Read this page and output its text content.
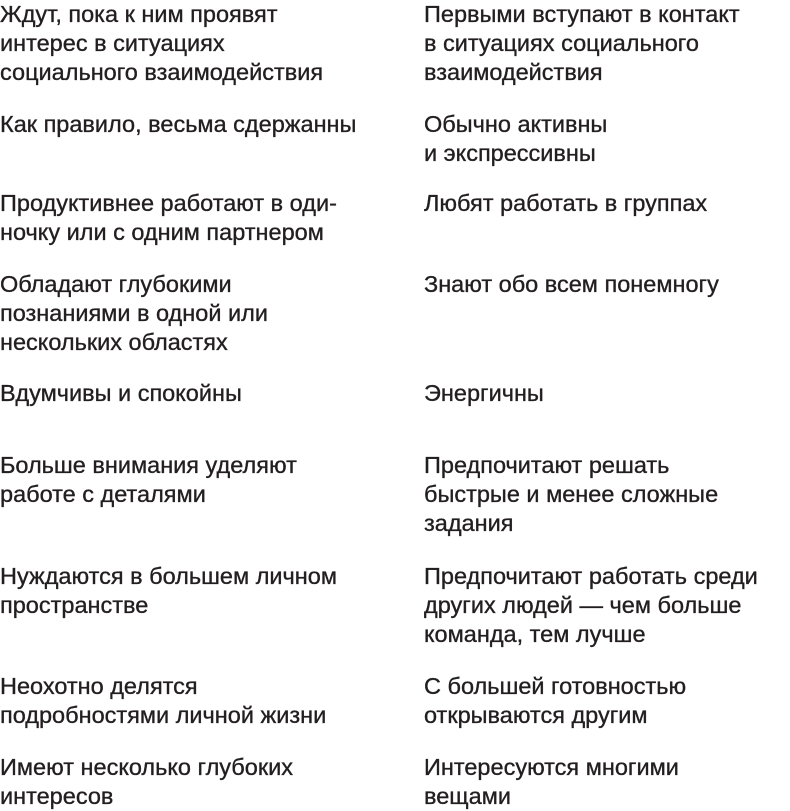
Ждут, пока к ним проявят
интерес в ситуациях
социального взаимодействия
Первыми вступают в контакт
в ситуациях социального
взаимодействия
Как правило, весьма сдержанны	Обычно активны
и экспрессивны
Продуктивнее работают в оди-
ночку или с одним партнером
Любят работать в группах
Обладают глубокими
познаниями в одной или
нескольких областях
Знают обо всем понемногу
Вдумчивы и спокойны	Энергичны
Больше внимания уделяют
работе с деталями
Предпочитают решать
быстрые и менее сложные
задания
Нуждаются в большем личном
пространстве
Предпочитают работать среди
других людей — чем больше
команда, тем лучше
Неохотно делятся
подробностями личной жизни
С большей готовностью
открываются другим
Имеют несколько глубоких
интересов
Интересуются многими
вещами
